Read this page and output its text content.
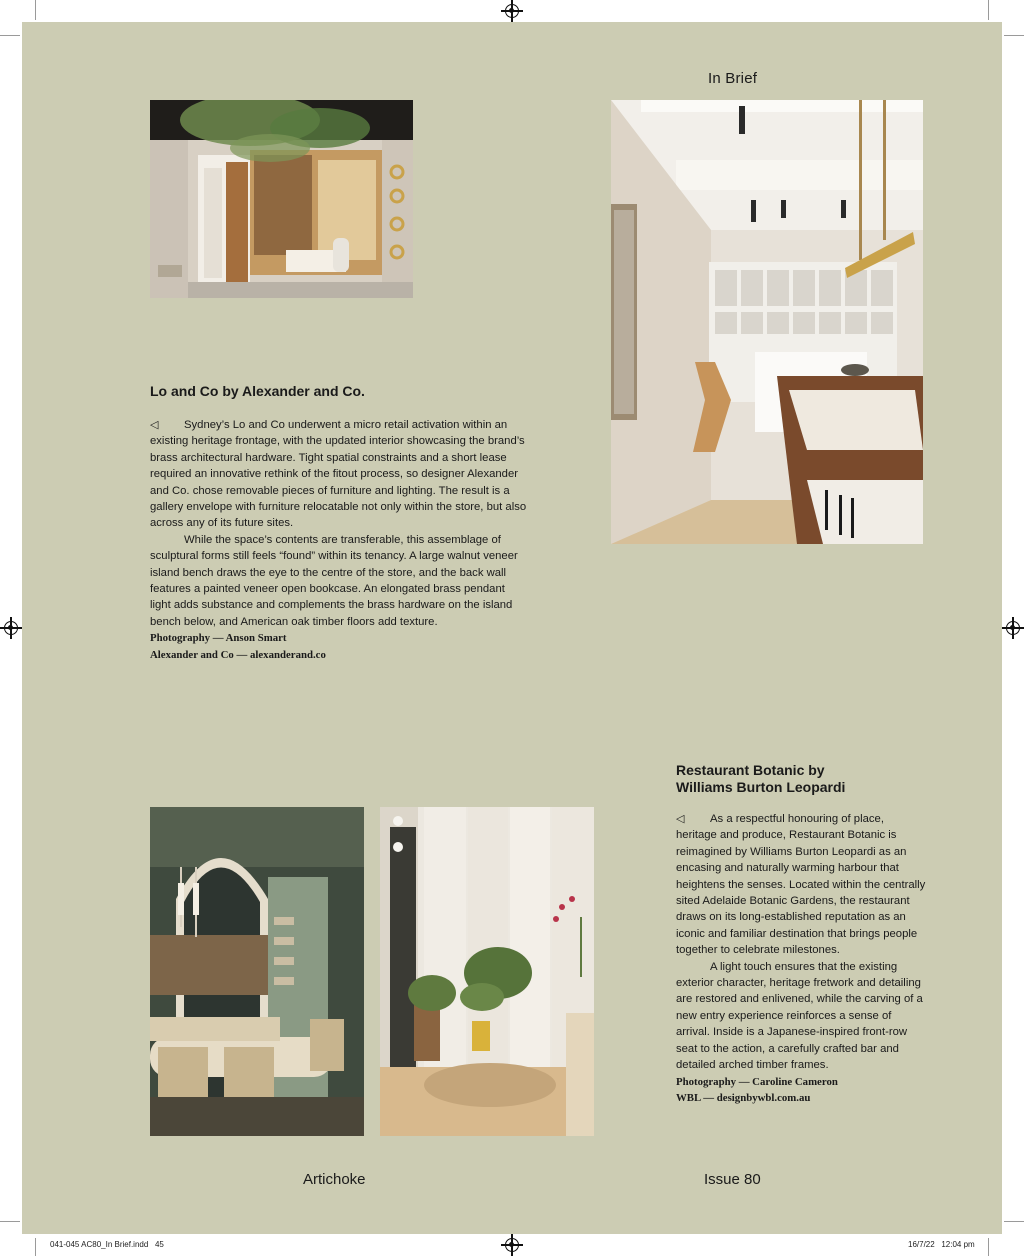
In Brief
Lo and Co by Alexander and Co.

◁ Sydney’s Lo and Co underwent a micro retail activation within an existing heritage frontage, with the updated interior showcasing the brand’s brass architectural hardware. Tight spatial constraints and a short lease required an innovative rethink of the fitout process, so designer Alexander and Co. chose removable pieces of furniture and lighting. The result is a gallery envelope with furniture relocatable not only within the store, but also across any of its future sites.

While the space’s contents are transferable, this assemblage of sculptural forms still feels “found” within its tenancy. A large walnut veneer island bench draws the eye to the centre of the store, and the back wall features a painted veneer open bookcase. An elongated brass pendant light adds substance and complements the brass hardware on the island bench below, and American oak timber floors add texture.

Photography — Anson Smart
Alexander and Co — alexanderand.co
Restaurant Botanic by
Williams Burton Leopardi

◁ As a respectful honouring of place, heritage and produce, Restaurant Botanic is reimagined by Williams Burton Leopardi as an encasing and naturally warming harbour that heightens the senses. Located within the centrally sited Adelaide Botanic Gardens, the restaurant draws on its long-established reputation as an iconic and familiar destination that brings people together to celebrate milestones.

A light touch ensures that the existing exterior character, heritage fretwork and detailing are restored and enlivened, while the carving of a new entry experience reinforces a sense of arrival. Inside is a Japanese-inspired front-row seat to the action, a carefully crafted bar and detailed arched timber frames.

Photography — Caroline Cameron
WBL — designbywbl.com.au
Artichoke	Issue 80
041-045 AC80_In Brief.indd   45	16/7/22   12:04 pm
